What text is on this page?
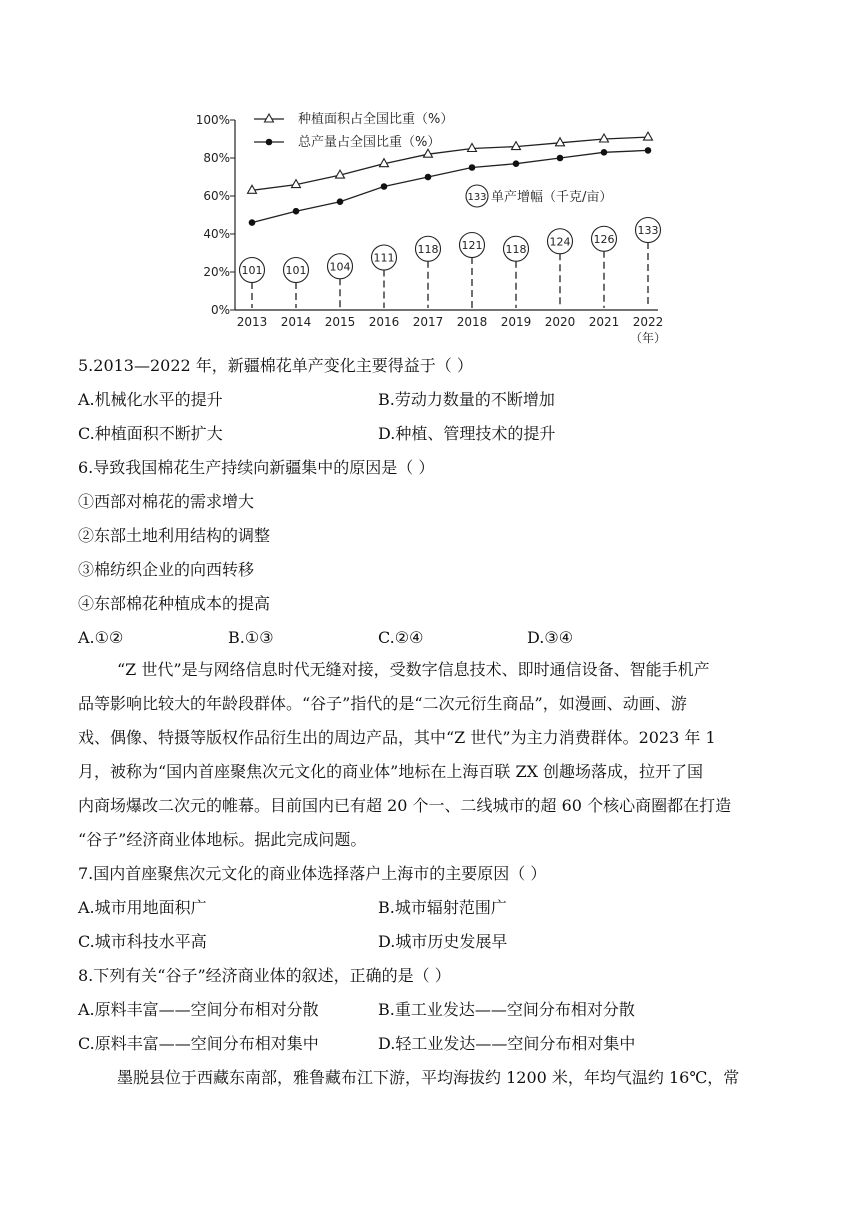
0%
20%
40%
60%
80%
100%
2013 2014 2015 2016 2017 2018 2019 2020 2021 2022
（年）
101 101 104
111
118 121 118
124 126
133
种植面积占全国比重（%）
总产量占全国比重（%）
133 单产增幅（千克/亩）
5.2013—2022 年，新疆棉花单产变化主要得益于（ ）
A.机械化水平的提升	B.劳动力数量的不断增加
C.种植面积不断扩大	D.种植、管理技术的提升
6.导致我国棉花生产持续向新疆集中的原因是（ ）
①西部对棉花的需求增大
②东部土地利用结构的调整
③棉纺织企业的向西转移
④东部棉花种植成本的提高
A.①②	B.①③	C.②④	D.③④
“Z 世代”是与网络信息时代无缝对接，受数字信息技术、即时通信设备、智能手机产
品等影响比较大的年龄段群体。“谷子”指代的是“二次元衍生商品”，如漫画、动画、游
戏、偶像、特摄等版权作品衍生出的周边产品，其中“Z 世代”为主力消费群体。2023 年 1
月，被称为“国内首座聚焦次元文化的商业体”地标在上海百联 ZX 创趣场落成，拉开了国
内商场爆改二次元的帷幕。目前国内已有超 20 个一、二线城市的超 60 个核心商圈都在打造
“谷子”经济商业体地标。据此完成问题。
7.国内首座聚焦次元文化的商业体选择落户上海市的主要原因（ ）
A.城市用地面积广	B.城市辐射范围广
C.城市科技水平高	D.城市历史发展早
8.下列有关“谷子”经济商业体的叙述，正确的是（ ）
A.原料丰富——空间分布相对分散	B.重工业发达——空间分布相对分散
C.原料丰富——空间分布相对集中	D.轻工业发达——空间分布相对集中
墨脱县位于西藏东南部，雅鲁藏布江下游，平均海拔约 1200 米，年均气温约 16℃，常
